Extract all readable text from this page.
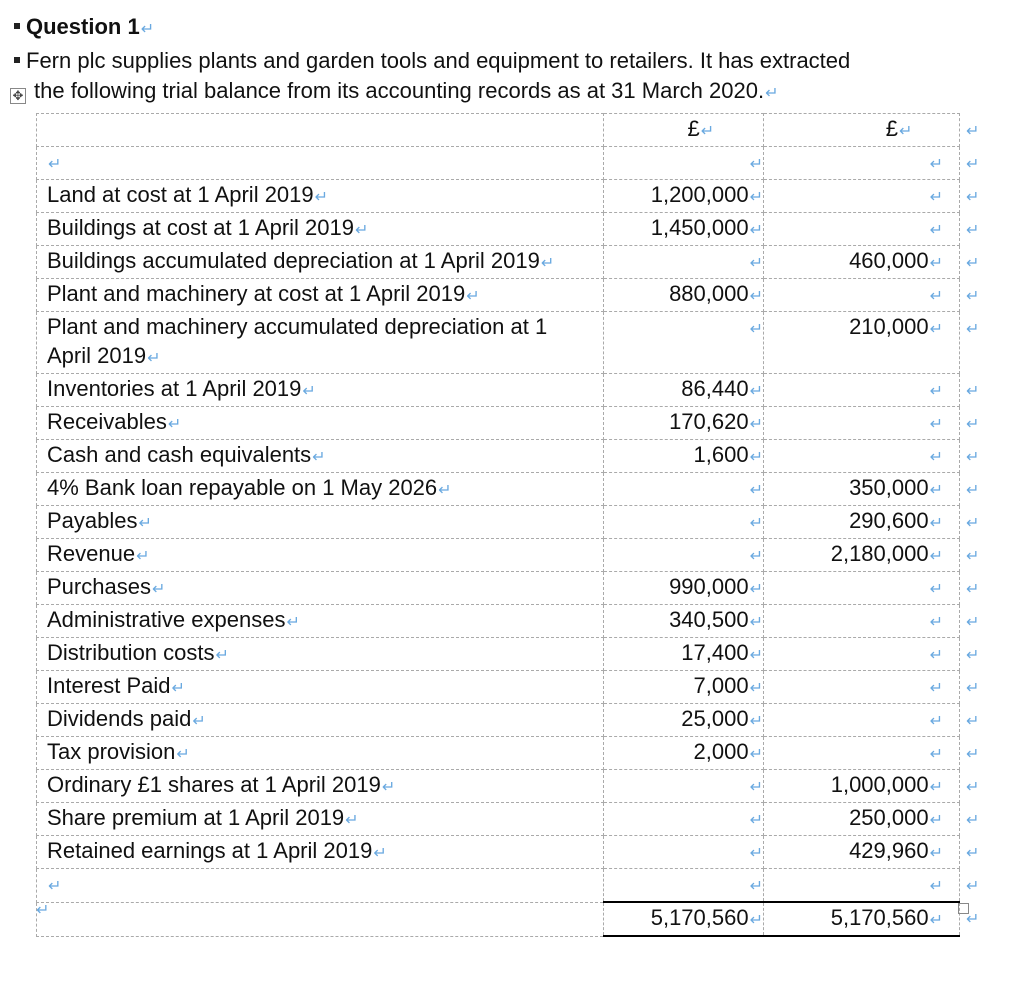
Question 1 ↵
Fern plc supplies plants and garden tools and equipment to retailers. It has extracted
the following trial balance from its accounting records as at 31 March 2020. ↵
✥
	£ ↵	£ ↵	↵
↵	↵	↵	↵
Land at cost at 1 April 2019 ↵	1,200,000 ↵	↵	↵
Buildings at cost at 1 April 2019 ↵	1,450,000 ↵	↵	↵
Buildings accumulated depreciation at 1 April 2019 ↵	↵	460,000 ↵	↵
Plant and machinery at cost at 1 April 2019 ↵	880,000 ↵	↵	↵
Plant and machinery accumulated depreciation at 1 April 2019 ↵	↵	210,000 ↵	↵
Inventories at 1 April 2019 ↵	86,440 ↵	↵	↵
Receivables ↵	170,620 ↵	↵	↵
Cash and cash equivalents ↵	1,600 ↵	↵	↵
4% Bank loan repayable on 1 May 2026 ↵	↵	350,000 ↵	↵
Payables ↵	↵	290,600 ↵	↵
Revenue ↵	↵	2,180,000 ↵	↵
Purchases ↵	990,000 ↵	↵	↵
Administrative expenses ↵	340,500 ↵	↵	↵
Distribution costs ↵	17,400 ↵	↵	↵
Interest Paid ↵	7,000 ↵	↵	↵
Dividends paid ↵	25,000 ↵	↵	↵
Tax provision ↵	2,000 ↵	↵	↵
Ordinary £1 shares at 1 April 2019 ↵	↵	1,000,000 ↵	↵
Share premium at 1 April 2019 ↵	↵	250,000 ↵	↵
Retained earnings at 1 April 2019 ↵	↵	429,960 ↵	↵
↵	↵	↵	↵
	5,170,560 ↵	5,170,560 ↵	↵
↵
